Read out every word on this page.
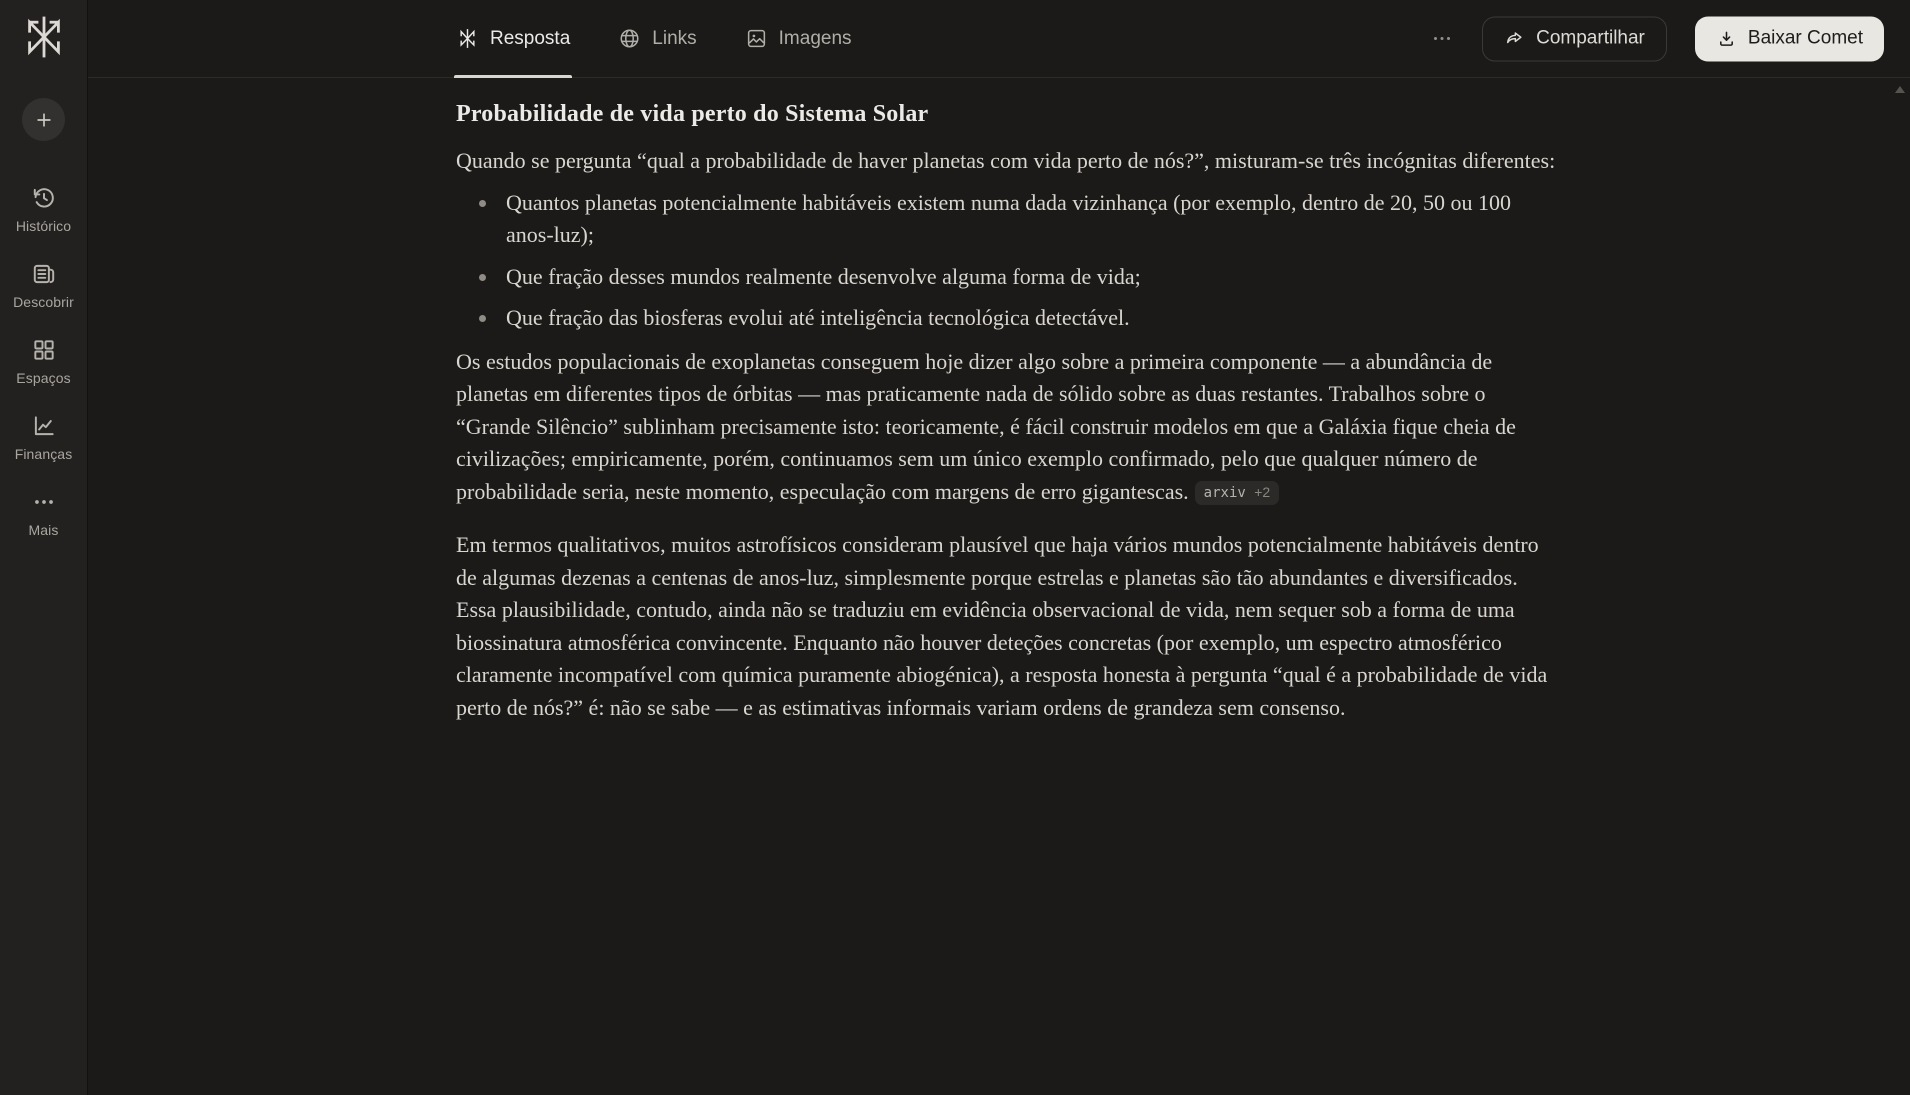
Histórico
Descobrir
Espaços
Finanças
Mais
Resposta	Links	Imagens	Compartilhar	Baixar Comet
Probabilidade de vida perto do Sistema Solar

Quando se pergunta “qual a probabilidade de haver planetas com vida perto de nós?”, misturam-se três incógnitas diferentes:

Quantos planetas potencialmente habitáveis existem numa dada vizinhança (por exemplo, dentro de 20, 50 ou 100 anos-luz);
Que fração desses mundos realmente desenvolve alguma forma de vida;
Que fração das biosferas evolui até inteligência tecnológica detectável.

Os estudos populacionais de exoplanetas conseguem hoje dizer algo sobre a primeira componente — a abundância de planetas em diferentes tipos de órbitas — mas praticamente nada de sólido sobre as duas restantes. Trabalhos sobre o “Grande Silêncio” sublinham precisamente isto: teoricamente, é fácil construir modelos em que a Galáxia fique cheia de civilizações; empiricamente, porém, continuamos sem um único exemplo confirmado, pelo que qualquer número de probabilidade seria, neste momento, especulação com margens de erro gigantescas. arxiv +2

Em termos qualitativos, muitos astrofísicos consideram plausível que haja vários mundos potencialmente habitáveis dentro de algumas dezenas a centenas de anos-luz, simplesmente porque estrelas e planetas são tão abundantes e diversificados. Essa plausibilidade, contudo, ainda não se traduziu em evidência observacional de vida, nem sequer sob a forma de uma biossinatura atmosférica convincente. Enquanto não houver deteções concretas (por exemplo, um espectro atmosférico claramente incompatível com química puramente abiogénica), a resposta honesta à pergunta “qual é a probabilidade de vida perto de nós?” é: não se sabe — e as estimativas informais variam ordens de grandeza sem consenso.
